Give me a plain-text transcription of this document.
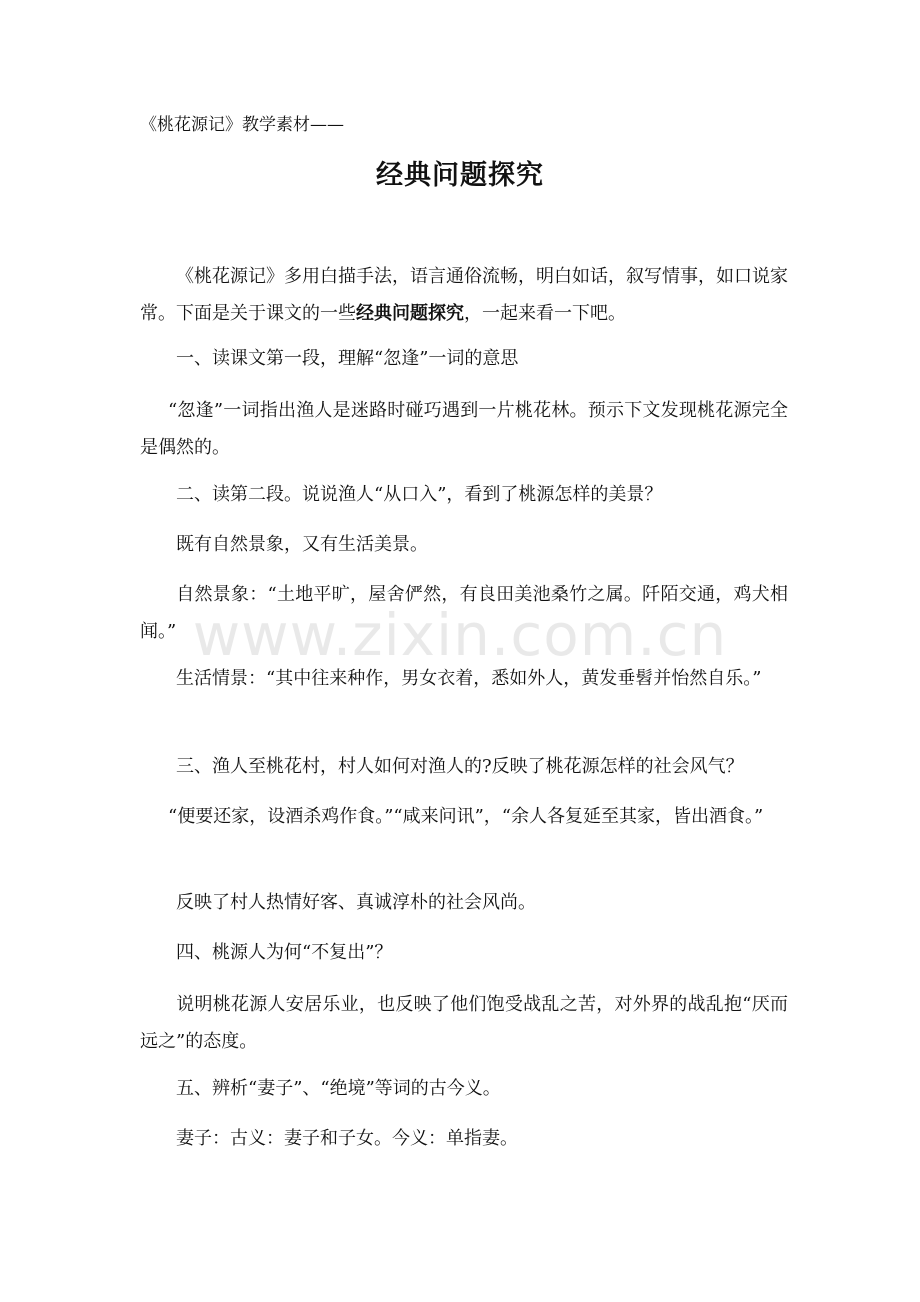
《桃花源记》教学素材——
经典问题探究

《桃花源记》多用白描手法，语言通俗流畅，明白如话，叙写情事，如口说家常。下面是关于课文的一些经典问题探究，一起来看一下吧。

一、读课文第一段，理解“忽逢”一词的意思

“忽逢”一词指出渔人是迷路时碰巧遇到一片桃花林。预示下文发现桃花源完全是偶然的。

二、读第二段。说说渔人“从口入”，看到了桃源怎样的美景？

既有自然景象，又有生活美景。

自然景象：“土地平旷，屋舍俨然，有良田美池桑竹之属。阡陌交通，鸡犬相闻。”

生活情景：“其中往来种作，男女衣着，悉如外人，黄发垂髫并怡然自乐。”

三、渔人至桃花村，村人如何对渔人的?反映了桃花源怎样的社会风气？

“便要还家，设酒杀鸡作食。”“咸来问讯”，“余人各复延至其家，皆出酒食。”

反映了村人热情好客、真诚淳朴的社会风尚。

四、桃源人为何“不复出”？

说明桃花源人安居乐业，也反映了他们饱受战乱之苦，对外界的战乱抱“厌而远之”的态度。

五、辨析“妻子”、“绝境”等词的古今义。

妻子：古义：妻子和子女。今义：单指妻。

www.zixin.com.cn
